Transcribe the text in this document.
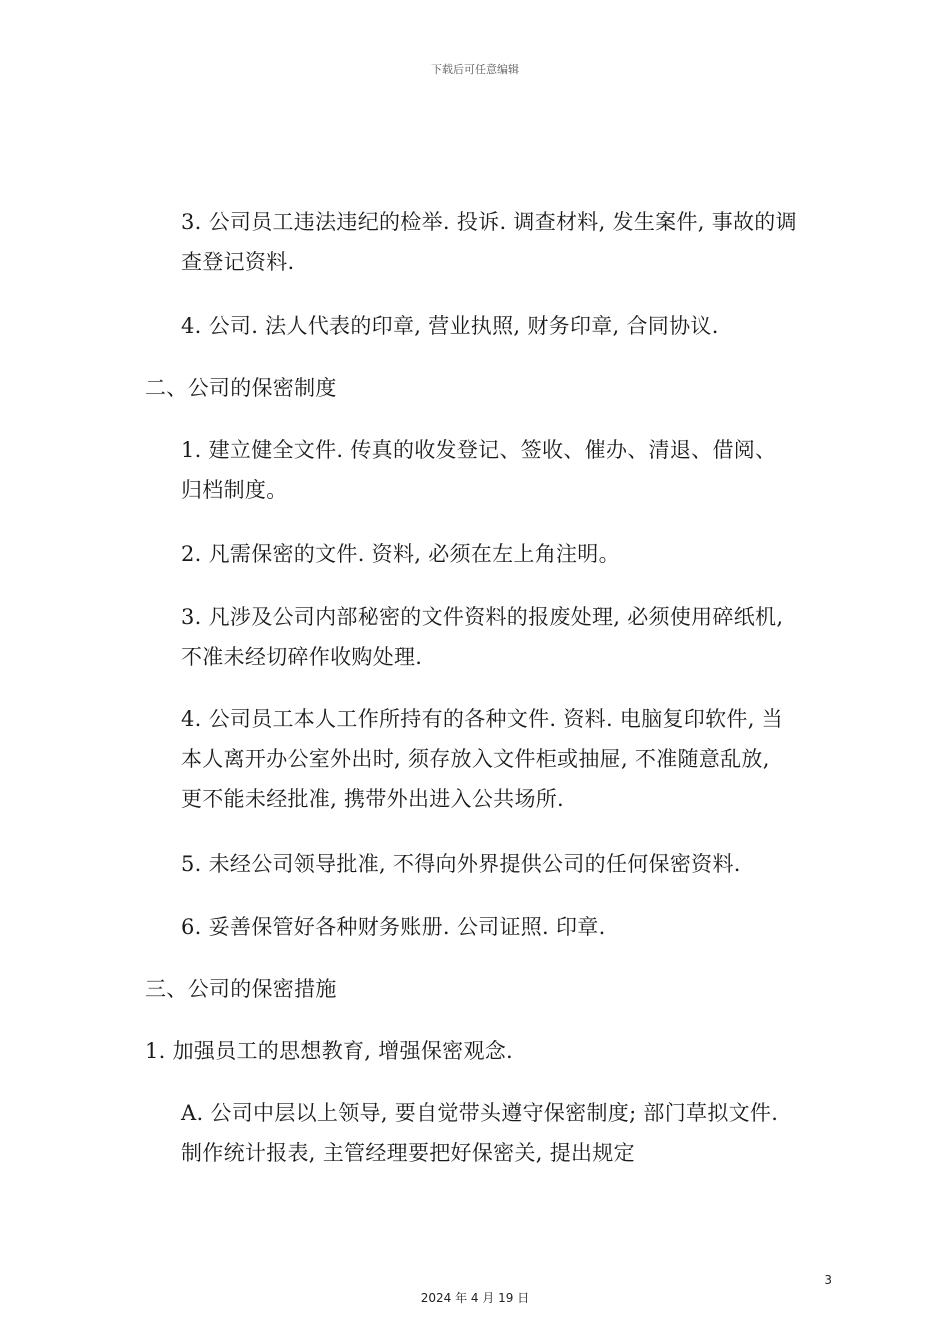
下载后可任意编辑
3. 公司员工违法违纪的检举. 投诉. 调查材料, 发生案件, 事故的调
查登记资料.
4. 公司. 法人代表的印章, 营业执照, 财务印章, 合同协议.
二、公司的保密制度
1. 建立健全文件. 传真的收发登记、签收、催办、清退、借阅、
归档制度。
2. 凡需保密的文件. 资料, 必须在左上角注明。
3. 凡涉及公司内部秘密的文件资料的报废处理, 必须使用碎纸机,
不准未经切碎作收购处理.
4. 公司员工本人工作所持有的各种文件. 资料. 电脑复印软件, 当
本人离开办公室外出时, 须存放入文件柜或抽屉, 不准随意乱放,
更不能未经批准, 携带外出进入公共场所.
5. 未经公司领导批准, 不得向外界提供公司的任何保密资料.
6. 妥善保管好各种财务账册. 公司证照. 印章.
三、公司的保密措施
1. 加强员工的思想教育, 增强保密观念.
A. 公司中层以上领导, 要自觉带头遵守保密制度; 部门草拟文件.
制作统计报表, 主管经理要把好保密关, 提出规定
3
2024 年 4 月 19 日
